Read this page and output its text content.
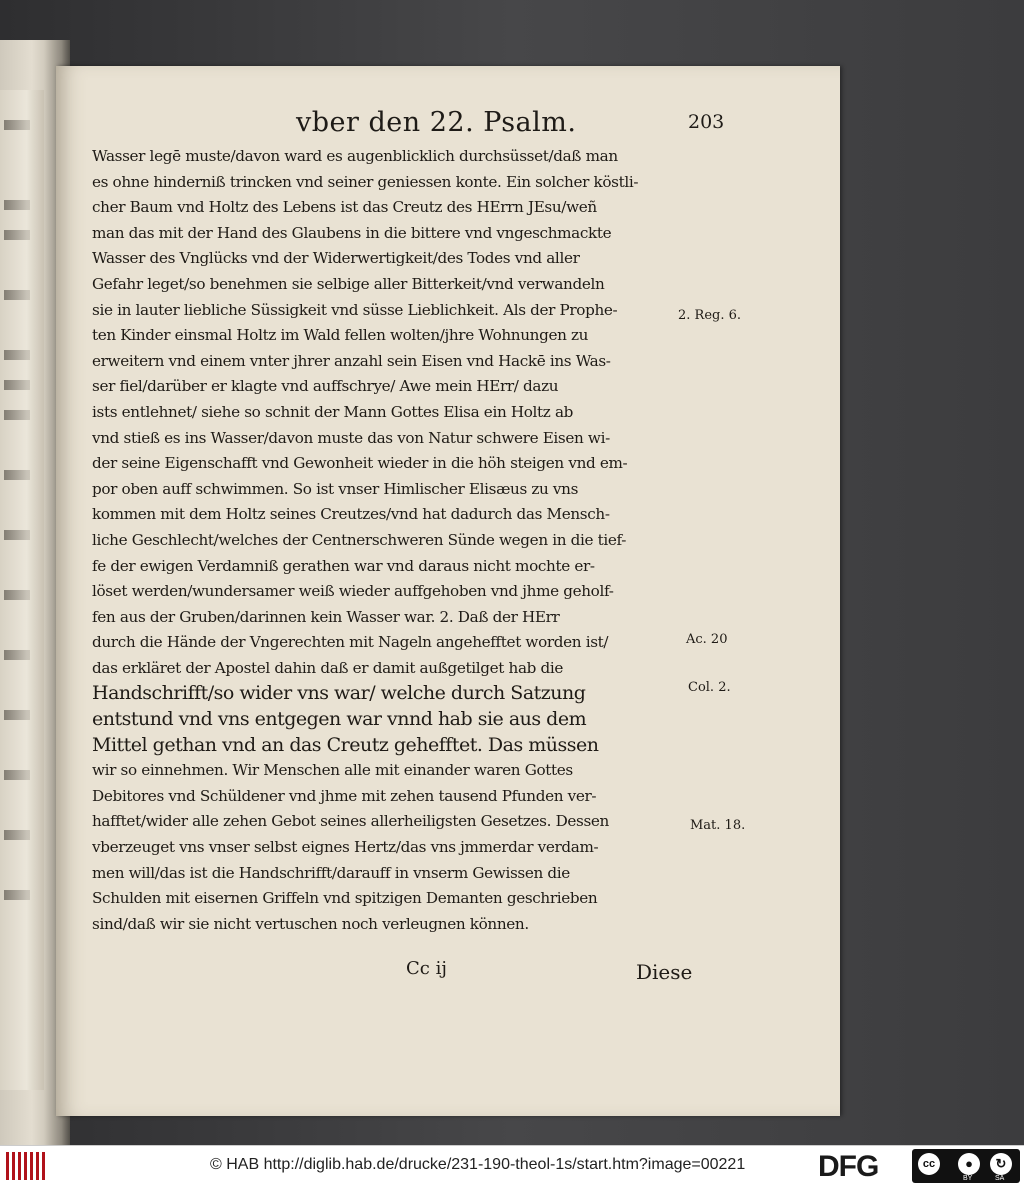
vber den 22. Psalm.	203
Wasser legē muste/davon ward es augenblicklich durchsüsset/daß man
es ohne hinderniß trincken vnd seiner geniessen konte. Ein solcher köstli-
cher Baum vnd Holtz des Lebens ist das Creutz des HErrn JEsu/weñ
man das mit der Hand des Glaubens in die bittere vnd vngeschmackte
Wasser des Vnglücks vnd der Widerwertigkeit/des Todes vnd aller
Gefahr leget/so benehmen sie selbige aller Bitterkeit/vnd verwandeln
sie in lauter liebliche Süssigkeit vnd süsse Lieblichkeit. Als der Prophe-
ten Kinder einsmal Holtz im Wald fellen wolten/jhre Wohnungen zu
erweitern vnd einem vnter jhrer anzahl sein Eisen vnd Hackē ins Was-
ser fiel/darüber er klagte vnd auffschrye/ Awe mein HErr/ dazu
ists entlehnet/ siehe so schnit der Mann Gottes Elisa ein Holtz ab
vnd stieß es ins Wasser/davon muste das von Natur schwere Eisen wi-
der seine Eigenschafft vnd Gewonheit wieder in die höh steigen vnd em-
por oben auff schwimmen. So ist vnser Himlischer Elisæus zu vns
kommen mit dem Holtz seines Creutzes/vnd hat dadurch das Mensch-
liche Geschlecht/welches der Centnerschweren Sünde wegen in die tief-
fe der ewigen Verdamniß gerathen war vnd daraus nicht mochte er-
löset werden/wundersamer weiß wieder auffgehoben vnd jhme geholf-
fen aus der Gruben/darinnen kein Wasser war. 2. Daß der HErr
durch die Hände der Vngerechten mit Nageln angehefftet worden ist/
das erkläret der Apostel dahin daß er damit außgetilget hab die
Handschrifft/so wider vns war/ welche durch Satzung
entstund vnd vns entgegen war vnnd hab sie aus dem
Mittel gethan vnd an das Creutz gehefftet. Das müssen
wir so einnehmen. Wir Menschen alle mit einander waren Gottes
Debitores vnd Schüldener vnd jhme mit zehen tausend Pfunden ver-
hafftet/wider alle zehen Gebot seines allerheiligsten Gesetzes. Dessen
vberzeuget vns vnser selbst eignes Hertz/das vns jmmerdar verdam-
men will/das ist die Handschrifft/darauff in vnserm Gewissen die
Schulden mit eisernen Griffeln vnd spitzigen Demanten geschrieben
sind/daß wir sie nicht vertuschen noch verleugnen können.
2. Reg. 6.
Ac. 20
Col. 2.
Mat. 18.
Cc ij	Diese
© HAB http://diglib.hab.de/drucke/231-190-theol-1s/start.htm?image=00221 DFG	cc	●	↻
BY	SA
